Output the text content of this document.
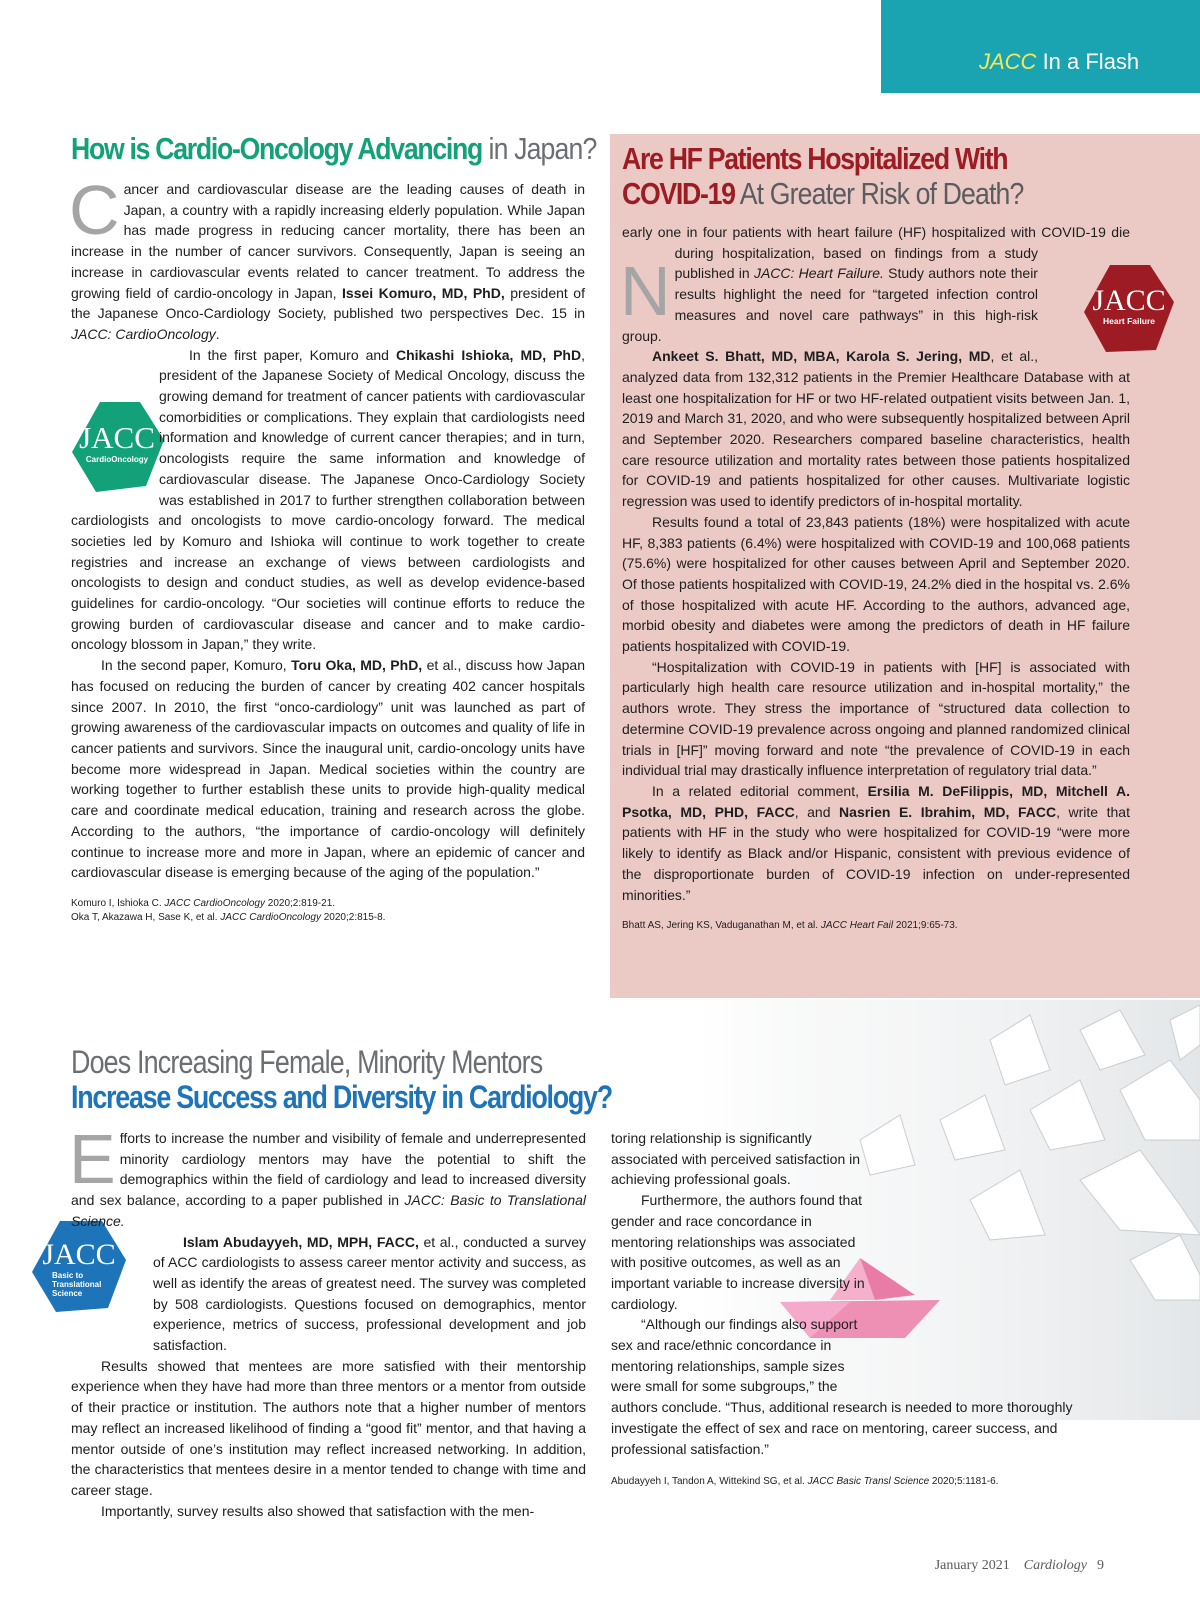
JACC In a Flash
How is Cardio-Oncology Advancing in Japan?
JACC
CardioOncology
C ancer and cardiovascular disease are the leading causes of death in Japan, a country with a rapidly increasing elderly population. While Japan has made progress in reducing cancer mortality, there has been an increase in the number of cancer survivors. Consequently, Japan is seeing an increase in cardiovascular events related to cancer treatment. To address the growing field of cardio-oncology in Japan, Issei Komuro, MD, PhD, president of the Japanese Onco-Cardiology Society, published two perspectives Dec. 15 in JACC: CardioOncology.

In the first paper, Komuro and Chikashi Ishioka, MD, PhD, president of the Japanese Society of Medical Oncology, discuss the growing demand for treatment of cancer patients with cardiovascular comorbidities or complications. They explain that cardiologists need information and knowledge of current cancer therapies; and in turn, oncologists require the same information and knowledge of cardiovascular disease. The Japanese Onco-Cardiology Society was established in 2017 to further strengthen collaboration between cardiologists and oncologists to move cardio-oncology forward. The medical societies led by Komuro and Ishioka will continue to work together to create registries and increase an exchange of views between cardiologists and oncologists to design and conduct studies, as well as develop evidence-based guidelines for cardio-oncology. “Our societies will continue efforts to reduce the growing burden of cardiovascular disease and cancer and to make cardio-oncology blossom in Japan,” they write.

In the second paper, Komuro, Toru Oka, MD, PhD, et al., discuss how Japan has focused on reducing the burden of cancer by creating 402 cancer hospitals since 2007. In 2010, the first “onco-cardiology” unit was launched as part of growing awareness of the cardiovascular impacts on outcomes and quality of life in cancer patients and survivors. Since the inaugural unit, cardio-oncology units have become more widespread in Japan. Medical societies within the country are working together to further establish these units to provide high-quality medical care and coordinate medical education, training and research across the globe. According to the authors, “the importance of cardio-oncology will definitely continue to increase more and more in Japan, where an epidemic of cancer and cardiovascular disease is emerging because of the aging of the population.”

Komuro I, Ishioka C. JACC CardioOncology 2020;2:819-21.
Oka T, Akazawa H, Sase K, et al. JACC CardioOncology 2020;2:815-8.
Are HF Patients Hospitalized With
COVID-19 At Greater Risk of Death?
JACC
Heart Failure
N

early one in four patients with heart failure (HF) hospitalized with COVID-19 die during hospitalization, based on findings from a study published in JACC: Heart Failure. Study authors note their results highlight the need for “targeted infection control measures and novel care pathways” in this high-risk group.

Ankeet S. Bhatt, MD, MBA, Karola S. Jering, MD, et al., analyzed data from 132,312 patients in the Premier Healthcare Database with at least one hospitalization for HF or two HF-related outpatient visits between Jan. 1, 2019 and March 31, 2020, and who were subsequently hospitalized between April and September 2020. Researchers compared baseline characteristics, health care resource utilization and mortality rates between those patients hospitalized for COVID-19 and patients hospitalized for other causes. Multivariate logistic regression was used to identify predictors of in-hospital mortality.

Results found a total of 23,843 patients (18%) were hospitalized with acute HF, 8,383 patients (6.4%) were hospitalized with COVID-19 and 100,068 patients (75.6%) were hospitalized for other causes between April and September 2020. Of those patients hospitalized with COVID-19, 24.2% died in the hospital vs. 2.6% of those hospitalized with acute HF. According to the authors, advanced age, morbid obesity and diabetes were among the predictors of death in HF failure patients hospitalized with COVID-19.

“Hospitalization with COVID-19 in patients with [HF] is associated with particularly high health care resource utilization and in-hospital mortality,” the authors wrote. They stress the importance of “structured data collection to determine COVID-19 prevalence across ongoing and planned randomized clinical trials in [HF]” moving forward and note “the prevalence of COVID-19 in each individual trial may drastically influence interpretation of regulatory trial data.”

In a related editorial comment, Ersilia M. DeFilippis, MD, Mitchell A. Psotka, MD, PHD, FACC, and Nasrien E. Ibrahim, MD, FACC, write that patients with HF in the study who were hospitalized for COVID-19 “were more likely to identify as Black and/or Hispanic, consistent with previous evidence of the disproportionate burden of COVID-19 infection on under-represented minorities.”

Bhatt AS, Jering KS, Vaduganathan M, et al. JACC Heart Fail 2021;9:65-73.
Does Increasing Female, Minority Mentors
Increase Success and Diversity in Cardiology?
JACC
Basic to
Translational
Science
E fforts to increase the number and visibility of female and underrepresented minority cardiology mentors may have the potential to shift the demographics within the field of cardiology and lead to increased diversity and sex balance, according to a paper published in JACC: Basic to Translational Science.

Islam Abudayyeh, MD, MPH, FACC, et al., conducted a survey of ACC cardiologists to assess career mentor activity and success, as well as identify the areas of greatest need. The survey was completed by 508 cardiologists. Questions focused on demographics, mentor experience, metrics of success, professional development and job satisfaction.

Results showed that mentees are more satisfied with their mentorship experience when they have had more than three mentors or a mentor from outside of their practice or institution. The authors note that a higher number of mentors may reflect an increased likelihood of finding a “good fit” mentor, and that having a mentor outside of one’s institution may reflect increased networking. In addition, the characteristics that mentees desire in a mentor tended to change with time and career stage.

Importantly, survey results also showed that satisfaction with the men-

toring relationship is significantly associated with perceived satisfaction in achieving professional goals.

Furthermore, the authors found that gender and race concordance in mentoring relationships was associated with positive outcomes, as well as an important variable to increase diversity in cardiology.

“Although our findings also support sex and race/ethnic concordance in mentoring relationships, sample sizes were small for some subgroups,” the authors conclude. “Thus, additional research is needed to more thoroughly investigate the effect of sex and race on mentoring, career success, and professional satisfaction.”

Abudayyeh I, Tandon A, Wittekind SG, et al. JACC Basic Transl Science 2020;5:1181-6.
January 2021 Cardiology 9
